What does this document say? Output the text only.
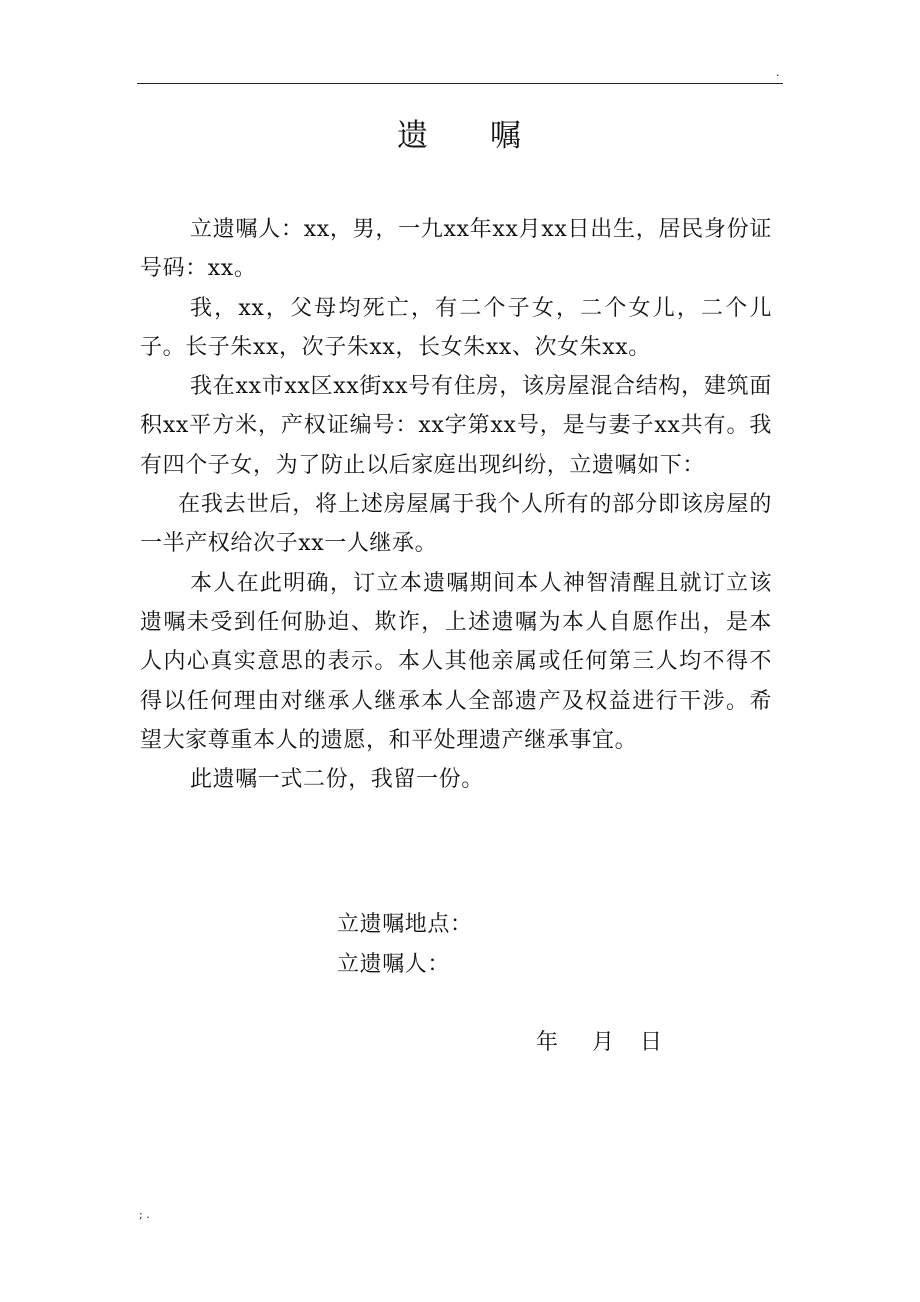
.
遗 嘱

立遗嘱人：xx，男，一九xx年xx月xx日出生，居民身份证号码：xx。

我，xx，父母均死亡，有二个子女，二个女儿，二个儿子。长子朱xx，次子朱xx，长女朱xx、次女朱xx。

我在xx市xx区xx街xx号有住房，该房屋混合结构，建筑面积xx平方米，产权证编号：xx字第xx号，是与妻子xx共有。我有四个子女，为了防止以后家庭出现纠纷，立遗嘱如下：

在我去世后，将上述房屋属于我个人所有的部分即该房屋的一半产权给次子xx一人继承。

本人在此明确，订立本遗嘱期间本人神智清醒且就订立该遗嘱未受到任何胁迫、欺诈，上述遗嘱为本人自愿作出，是本人内心真实意思的表示。本人其他亲属或任何第三人均不得不得以任何理由对继承人继承本人全部遗产及权益进行干涉。希望大家尊重本人的遗愿，和平处理遗产继承事宜。

此遗嘱一式二份，我留一份。

立遗嘱地点：
立遗嘱人：
年 月 日
; .
